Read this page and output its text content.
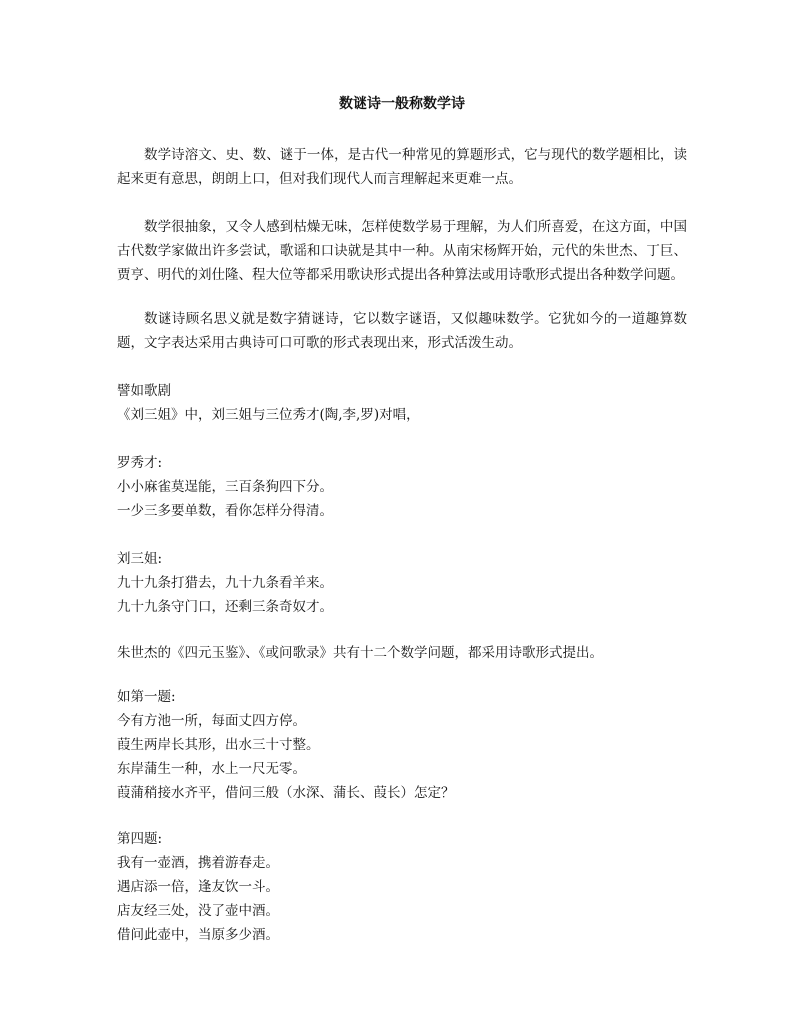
数谜诗一般称数学诗

数学诗溶文、史、数、谜于一体，是古代一种常见的算题形式，它与现代的数学题相比，读起来更有意思，朗朗上口，但对我们现代人而言理解起来更难一点。

数学很抽象，又令人感到枯燥无味，怎样使数学易于理解，为人们所喜爱，在这方面，中国古代数学家做出许多尝试，歌谣和口诀就是其中一种。从南宋杨辉开始，元代的朱世杰、丁巨、贾亨、明代的刘仕隆、程大位等都采用歌诀形式提出各种算法或用诗歌形式提出各种数学问题。

数谜诗顾名思义就是数字猜谜诗，它以数字谜语，又似趣味数学。它犹如今的一道趣算数题，文字表达采用古典诗可口可歌的形式表现出来，形式活泼生动。

譬如歌剧

《刘三姐》中，刘三姐与三位秀才(陶,李,罗)对唱，

罗秀才:

小小麻雀莫逞能，三百条狗四下分。

一少三多要单数，看你怎样分得清。

刘三姐:

九十九条打猎去，九十九条看羊来。

九十九条守门口，还剩三条奇奴才。

朱世杰的《四元玉鉴》、《或问歌录》共有十二个数学问题，都采用诗歌形式提出。

如第一题:

今有方池一所，每面丈四方停。

葭生两岸长其形，出水三十寸整。

东岸蒲生一种，水上一尺无零。

葭蒲稍接水齐平，借问三般（水深、蒲长、葭长）怎定？

第四题:

我有一壶酒，携着游春走。

遇店添一倍，逢友饮一斗。

店友经三处，没了壶中酒。

借问此壶中，当原多少酒。
